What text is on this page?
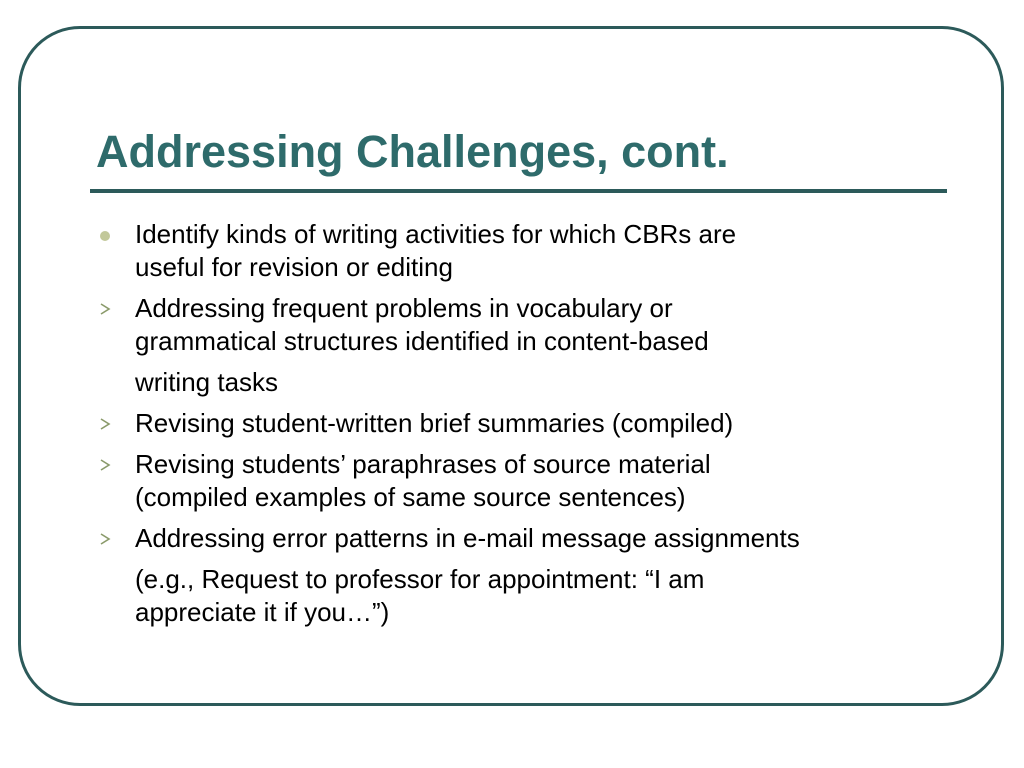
Addressing Challenges, cont.
Identify kinds of writing activities for which CBRs are
useful for revision or editing
Addressing frequent problems in vocabulary or
grammatical structures identified in content-based
writing tasks
Revising student-written brief summaries (compiled)
Revising students’ paraphrases of source material
(compiled examples of same source sentences)
Addressing error patterns in e-mail message assignments
(e.g., Request to professor for appointment: “I am
appreciate it if you…”)
